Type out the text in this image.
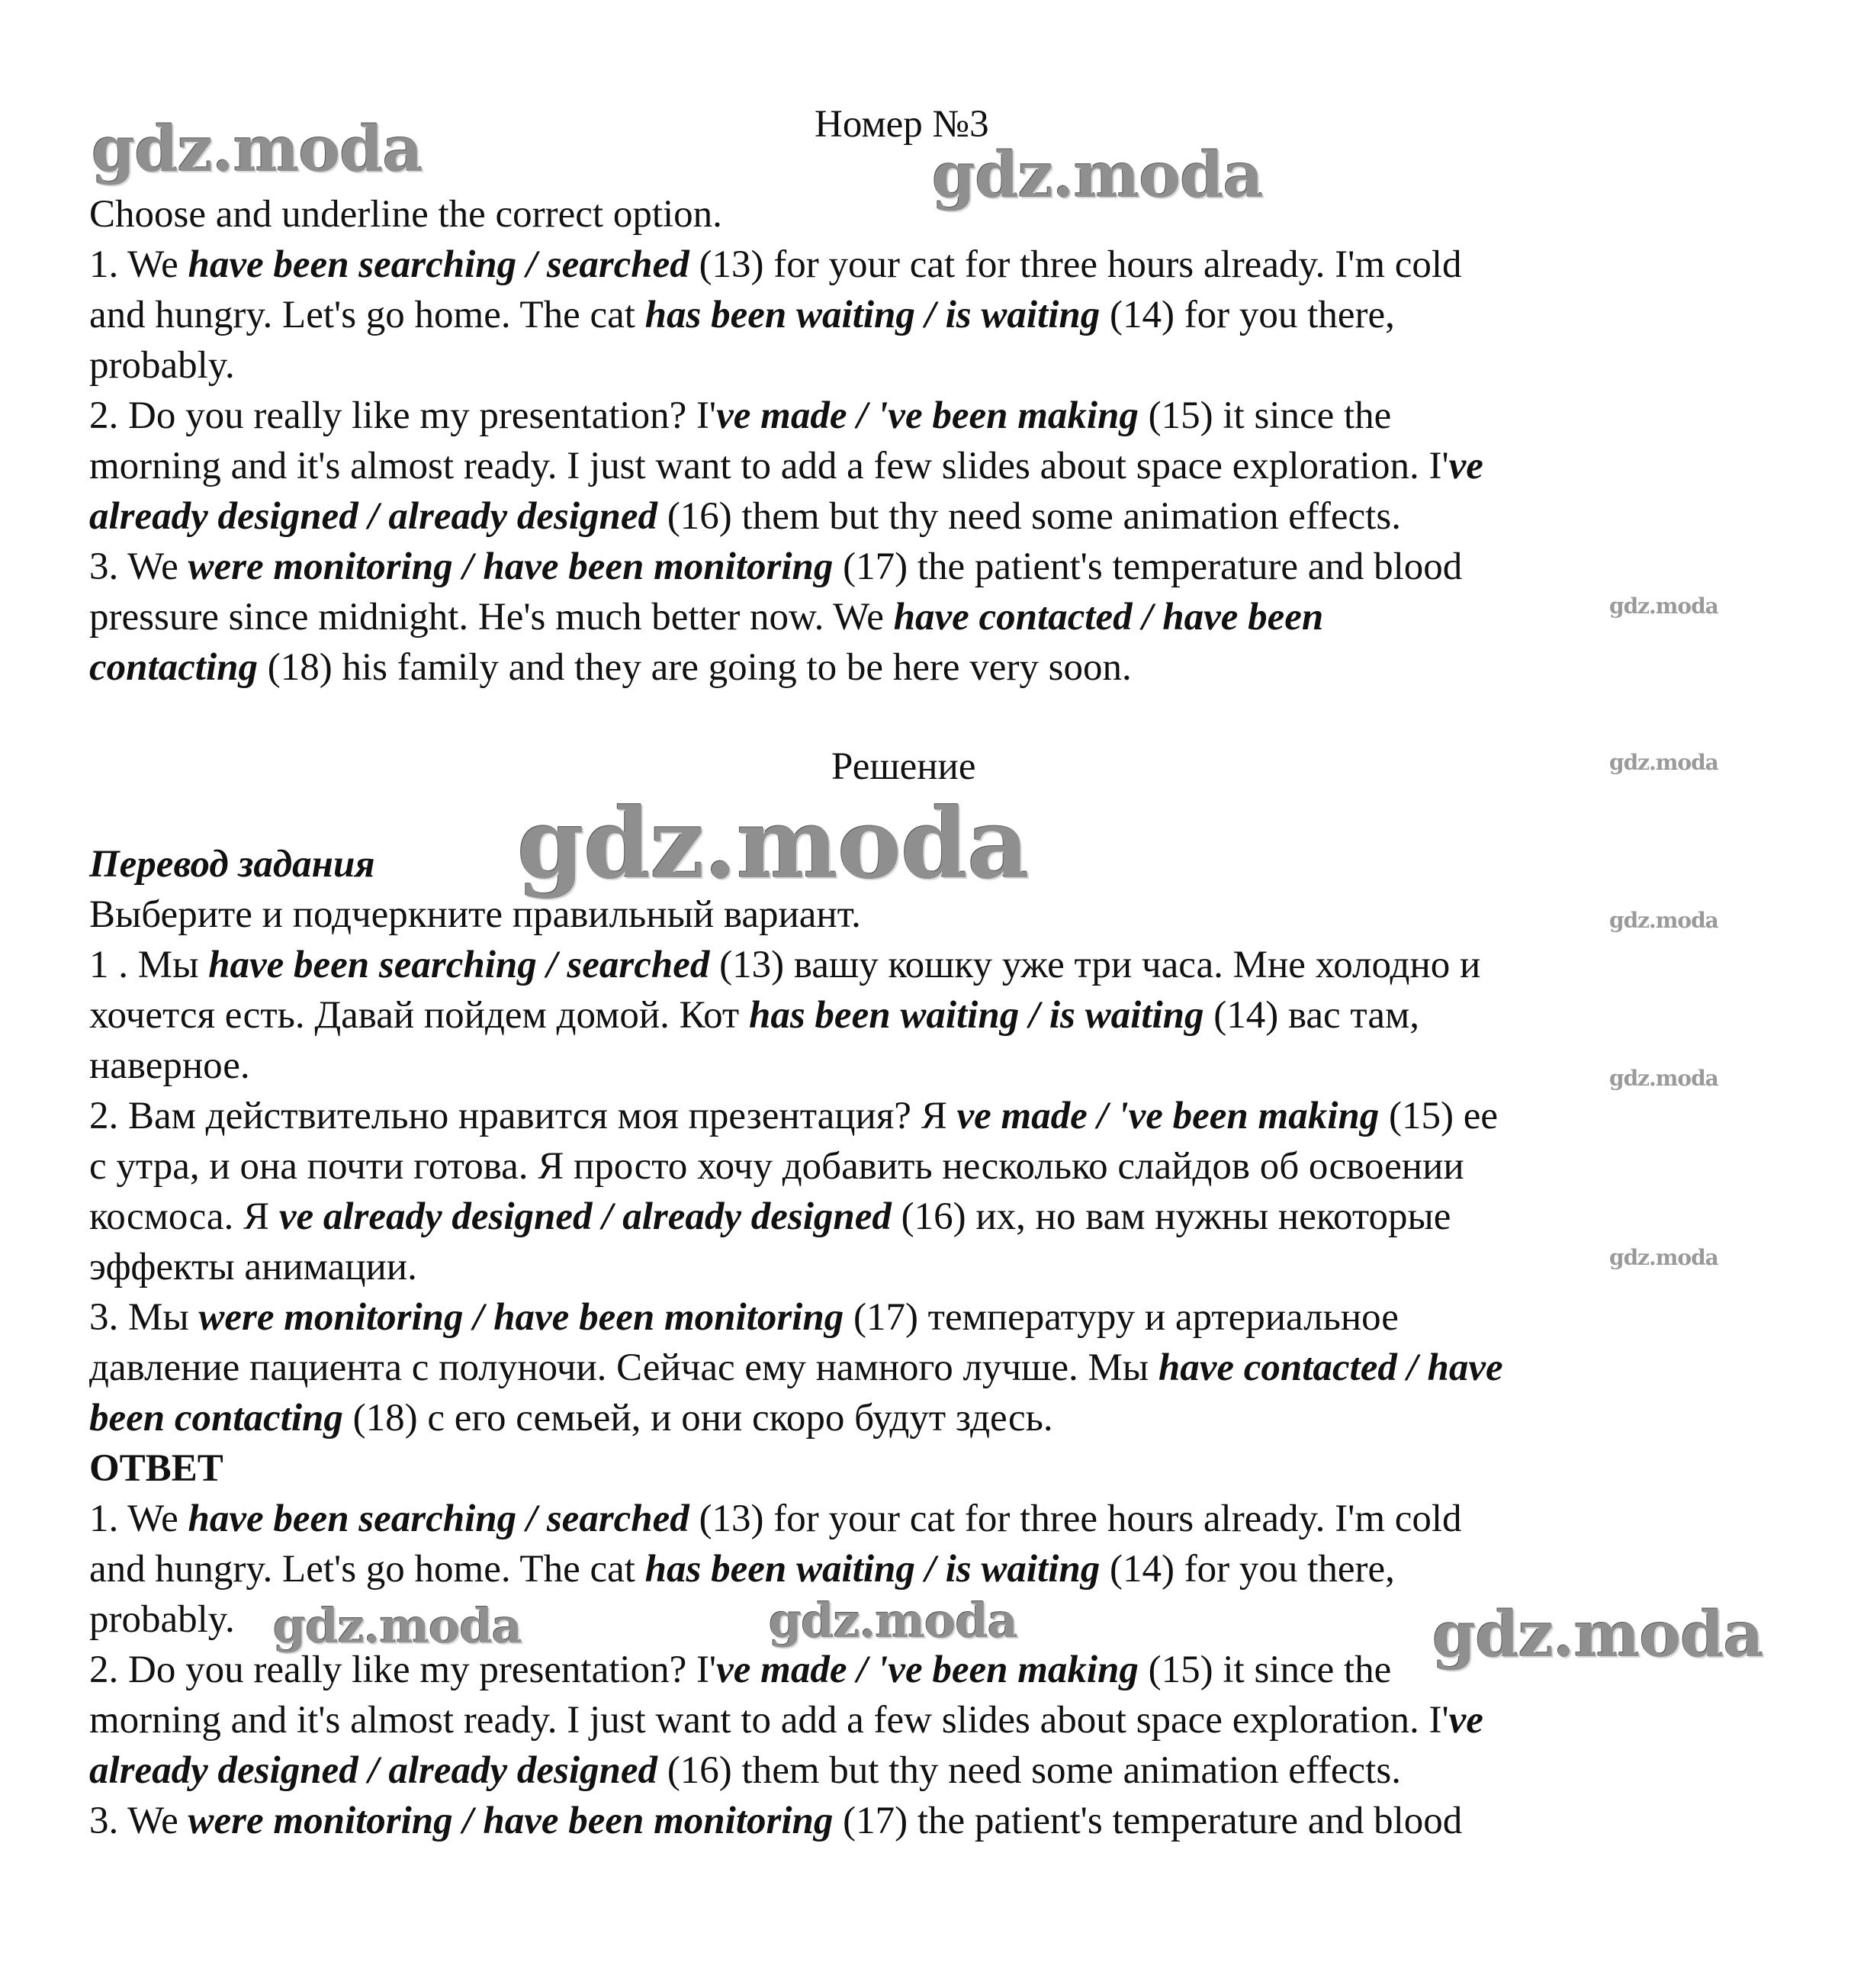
gdz.moda	gdz.moda
gdz.moda
gdz.moda
gdz.moda
gdz.moda
gdz.moda
gdz.moda
gdz.moda	gdz.moda	gdz.moda
Номер №3
Choose and underline the correct option.
1. We have been searching / searched (13) for your cat for three hours already. I'm cold
and hungry. Let's go home. The cat has been waiting / is waiting (14) for you there,
probably.
2. Do you really like my presentation? I've made / 've been making (15) it since the
morning and it's almost ready. I just want to add a few slides about space exploration. I've
already designed / already designed (16) them but thy need some animation effects.
3. We were monitoring / have been monitoring (17) the patient's temperature and blood
pressure since midnight. He's much better now. We have contacted / have been
contacting (18) his family and they are going to be here very soon.
Решение
Перевод задания
Выберите и подчеркните правильный вариант.
1 . Мы have been searching / searched (13) вашу кошку уже три часа. Мне холодно и
хочется есть. Давай пойдем домой. Кот has been waiting / is waiting (14) вас там,
наверное.
2. Вам действительно нравится моя презентация? Я ve made / 've been making (15) ее
с утра, и она почти готова. Я просто хочу добавить несколько слайдов об освоении
космоса. Я ve already designed / already designed (16) их, но вам нужны некоторые
эффекты анимации.
3. Мы were monitoring / have been monitoring (17) температуру и артериальное
давление пациента с полуночи. Сейчас ему намного лучше. Мы have contacted / have
been contacting (18) с его семьей, и они скоро будут здесь.
ОТВЕТ
1. We have been searching / searched (13) for your cat for three hours already. I'm cold
and hungry. Let's go home. The cat has been waiting / is waiting (14) for you there,
probably.
2. Do you really like my presentation? I've made / 've been making (15) it since the
morning and it's almost ready. I just want to add a few slides about space exploration. I've
already designed / already designed (16) them but thy need some animation effects.
3. We were monitoring / have been monitoring (17) the patient's temperature and blood
